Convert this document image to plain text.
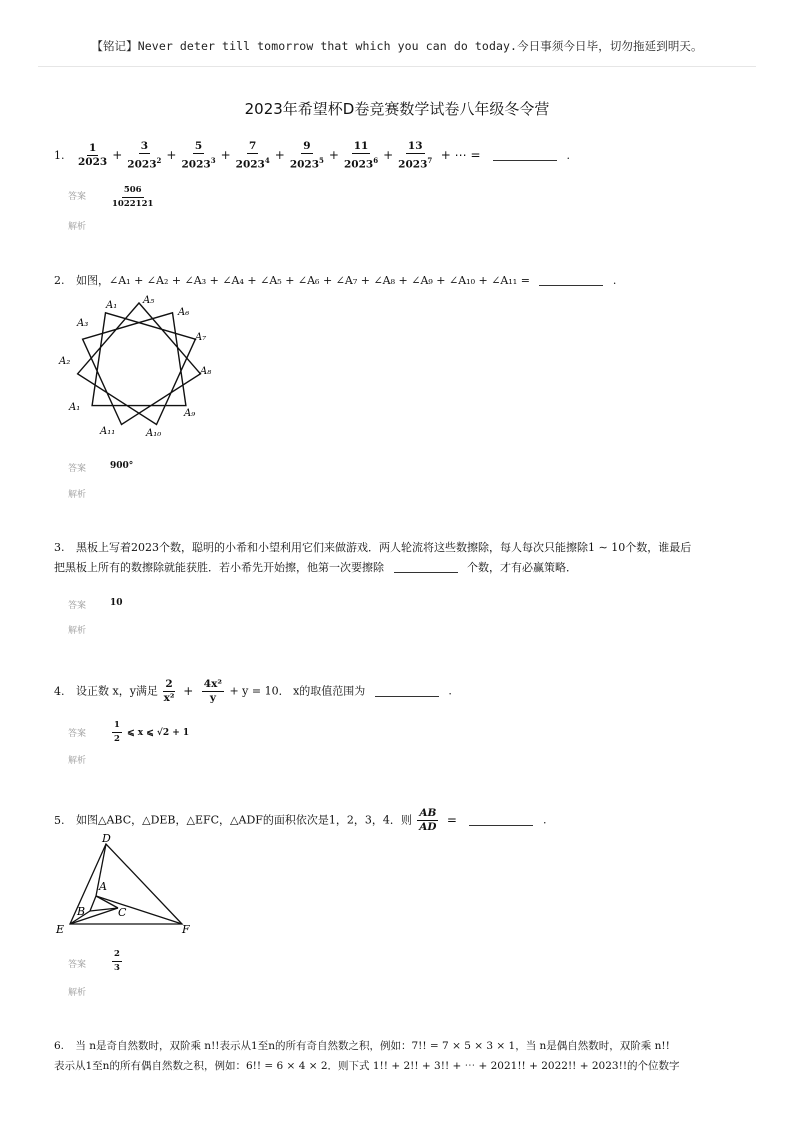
【铭记】Never deter till tomorrow that which you can do today.今日事须今日毕，切勿拖延到明天。
2023年希望杯D卷竞赛数学试卷八年级冬令营
1. $\frac{1}{2023} + \frac{3}{2023^2} + \frac{5}{2023^3} + \frac{7}{2023^4} + \frac{9}{2023^5} + \frac{11}{2023^6} + \frac{13}{2023^7}$ + ⋯ =	.
答案	$\frac{506}{1022121}$
解析
2. 如图，∠A₁ + ∠A₂ + ∠A₃ + ∠A₄ + ∠A₅ + ∠A₆ + ∠A₇ + ∠A₈ + ∠A₉ + ∠A₁₀ + ∠A₁₁ =	.
A₁	A₅
A₆
A₃
A₇
A₂
A₈
A₁
A₉
A₁₁	A₁₀
答案	900°
解析
3. 黑板上写着2023个数，聪明的小希和小望利用它们来做游戏．两人轮流将这些数擦除，每人每次只能擦除1 ∼ 10个数，谁最后
把黑板上所有的数擦除就能获胜．若小希先开始擦，他第一次要擦除	个数，才有必赢策略．
答案	10
解析
4. 设正数 x，y满足 $\frac{2}{\text{x²}} + \frac{\text{4x²}}{y} + y = 10$． x的取值范围为	.
答案	$\frac{1}{2}$ ⩽ x ⩽ √2 + 1
解析
5. 如图△ABC，△DEB，△EFC，△ADF的面积依次是1，2，3，4．则 $\frac{AB}{AD}$ =	.
D
A
B	C
E	F
答案	$\frac{2}{3}$
解析
6. 当 n是奇自然数时，双阶乘 n!!表示从1至n的所有奇自然数之积，例如：7!! = 7 × 5 × 3 × 1，当 n是偶自然数时，双阶乘 n!!
表示从1至n的所有偶自然数之积，例如：6!! = 6 × 4 × 2．则下式 1!! + 2!! + 3!! + ⋯ + 2021!! + 2022!! + 2023!!的个位数字
